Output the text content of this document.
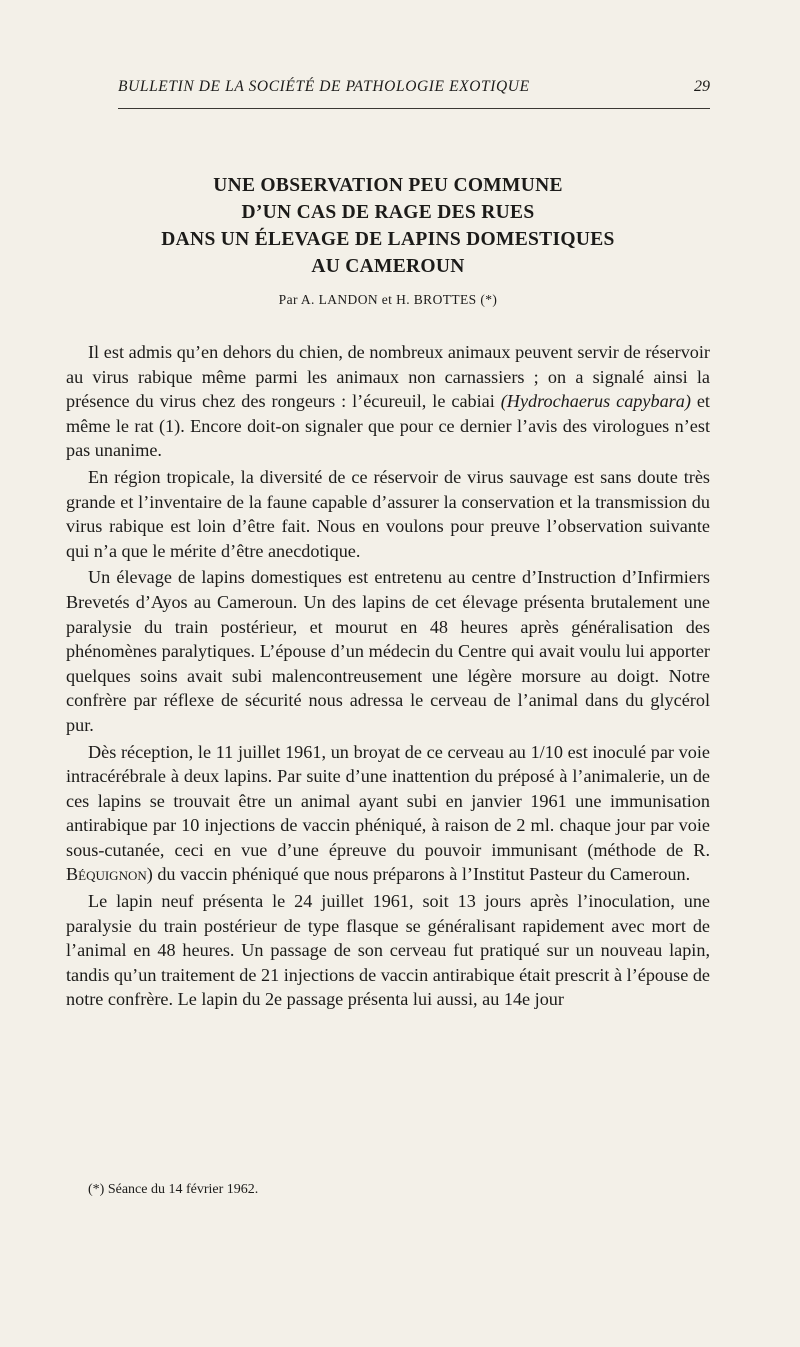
BULLETIN DE LA SOCIÉTÉ DE PATHOLOGIE EXOTIQUE	29
UNE OBSERVATION PEU COMMUNE
D’UN CAS DE RAGE DES RUES
DANS UN ÉLEVAGE DE LAPINS DOMESTIQUES
AU CAMEROUN
Par A. LANDON et H. BROTTES (*)

Il est admis qu’en dehors du chien, de nombreux animaux peuvent servir de réservoir au virus rabique même parmi les animaux non carnassiers ; on a signalé ainsi la présence du virus chez des rongeurs : l’écureuil, le cabiai (Hydrochaerus capybara) et même le rat (1). Encore doit-on signaler que pour ce dernier l’avis des virologues n’est pas unanime.

En région tropicale, la diversité de ce réservoir de virus sauvage est sans doute très grande et l’inventaire de la faune capable d’assurer la conservation et la transmission du virus rabique est loin d’être fait. Nous en voulons pour preuve l’observation suivante qui n’a que le mérite d’être anecdotique.

Un élevage de lapins domestiques est entretenu au centre d’Instruction d’Infirmiers Brevetés d’Ayos au Cameroun. Un des lapins de cet élevage présenta brutalement une paralysie du train postérieur, et mourut en 48 heures après généralisation des phénomènes paralytiques. L’épouse d’un médecin du Centre qui avait voulu lui apporter quelques soins avait subi malencontreusement une légère morsure au doigt. Notre confrère par réflexe de sécurité nous adressa le cerveau de l’animal dans du glycérol pur.

Dès réception, le 11 juillet 1961, un broyat de ce cerveau au 1/10 est inoculé par voie intracérébrale à deux lapins. Par suite d’une inattention du préposé à l’animalerie, un de ces lapins se trouvait être un animal ayant subi en janvier 1961 une immunisation antirabique par 10 injections de vaccin phéniqué, à raison de 2 ml. chaque jour par voie sous-cutanée, ceci en vue d’une épreuve du pouvoir immunisant (méthode de R. Béquignon) du vaccin phéniqué que nous préparons à l’Institut Pasteur du Cameroun.

Le lapin neuf présenta le 24 juillet 1961, soit 13 jours après l’inoculation, une paralysie du train postérieur de type flasque se généralisant rapidement avec mort de l’animal en 48 heures. Un passage de son cerveau fut pratiqué sur un nouveau lapin, tandis qu’un traitement de 21 injections de vaccin antirabique était prescrit à l’épouse de notre confrère. Le lapin du 2e passage présenta lui aussi, au 14e jour

(*) Séance du 14 février 1962.
